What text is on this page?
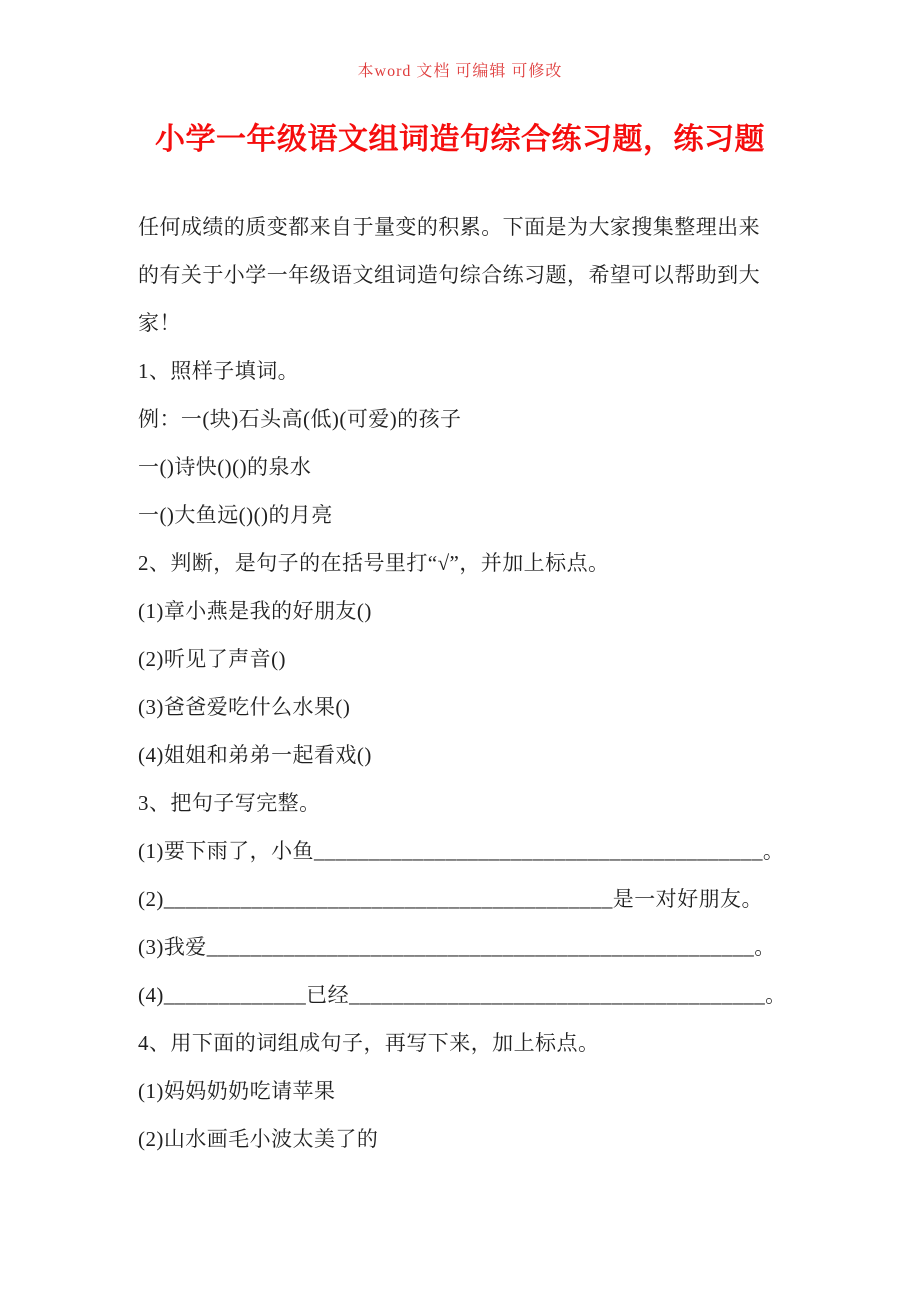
本word 文档 可编辑 可修改
小学一年级语文组词造句综合练习题，练习题
任何成绩的质变都来自于量变的积累。下面是为大家搜集整理出来
的有关于小学一年级语文组词造句综合练习题，希望可以帮助到大
家！
1、照样子填词。
例：一(块)石头高(低)(可爱)的孩子
一()诗快()()的泉水
一()大鱼远()()的月亮
2、判断，是句子的在括号里打“√”，并加上标点。
(1)章小燕是我的好朋友()
(2)听见了声音()
(3)爸爸爱吃什么水果()
(4)姐姐和弟弟一起看戏()
3、把句子写完整。
(1)要下雨了，小鱼_________________________________________。
(2)_________________________________________是一对好朋友。
(3)我爱__________________________________________________。
(4)_____________已经______________________________________。
4、用下面的词组成句子，再写下来，加上标点。
(1)妈妈奶奶吃请苹果
(2)山水画毛小波太美了的
